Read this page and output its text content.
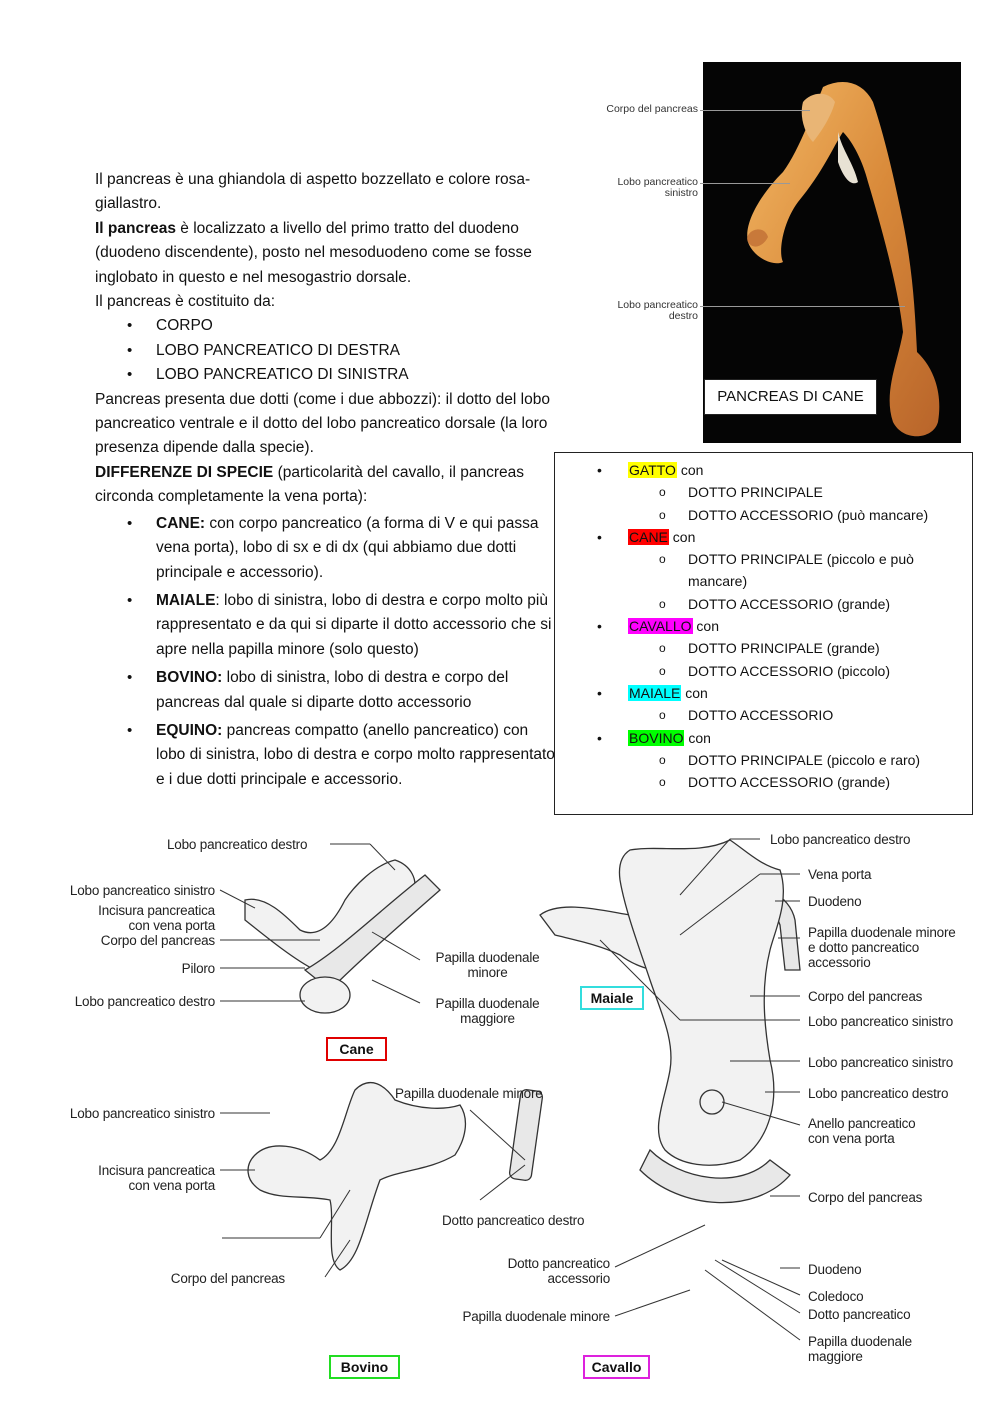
Il pancreas è una ghiandola di aspetto bozzellato e colore rosa-giallastro.

Il pancreas è localizzato a livello del primo tratto del duodeno (duodeno discendente), posto nel mesoduodeno come se fosse inglobato in questo e nel mesogastrio dorsale.

Il pancreas è costituito da:

• CORPO
• LOBO PANCREATICO DI DESTRA
• LOBO PANCREATICO DI SINISTRA

Pancreas presenta due dotti (come i due abbozzi): il dotto del lobo pancreatico ventrale e il dotto del lobo pancreatico dorsale (la loro presenza dipende dalla specie).

DIFFERENZE DI SPECIE (particolarità del cavallo, il pancreas circonda completamente la vena porta):

• CANE: con corpo pancreatico (a forma di V e qui passa vena porta), lobo di sx e di dx (qui abbiamo due dotti principale e accessorio).
• MAIALE: lobo di sinistra, lobo di destra e corpo molto più rappresentato e da qui si diparte il dotto accessorio che si apre nella papilla minore (solo questo)
• BOVINO: lobo di sinistra, lobo di destra e corpo del pancreas dal quale si diparte dotto accessorio
• EQUINO: pancreas compatto (anello pancreatico) con lobo di sinistra, lobo di destra e corpo molto rappresentato e i due dotti principale e accessorio.
Corpo del pancreas
Lobo pancreatico
sinistro
Lobo pancreatico
destro
PANCREAS DI CANE
• GATTO con
o DOTTO PRINCIPALE
o DOTTO ACCESSORIO (può mancare)
• CANE con
o DOTTO PRINCIPALE (piccolo e può mancare)
o DOTTO ACCESSORIO (grande)
• CAVALLO con
o DOTTO PRINCIPALE (grande)
o DOTTO ACCESSORIO (piccolo)
• MAIALE con
o DOTTO ACCESSORIO
• BOVINO con
o DOTTO PRINCIPALE (piccolo e raro)
o DOTTO ACCESSORIO (grande)
Lobo pancreatico destro
Lobo pancreatico sinistro
Incisura pancreatica
con vena porta
Corpo del pancreas
Piloro
Lobo pancreatico destro
Papilla duodenale
minore
Papilla duodenale
maggiore
Cane
Lobo pancreatico destro
Vena porta
Duodeno
Papilla duodenale minore
e dotto pancreatico
accessorio
Corpo del pancreas
Lobo pancreatico sinistro
Maiale
Lobo pancreatico sinistro
Papilla duodenale minore
Incisura pancreatica
con vena porta
Dotto pancreatico destro
Corpo del pancreas
Bovino
Lobo pancreatico sinistro
Lobo pancreatico destro
Anello pancreatico
con vena porta
Corpo del pancreas
Dotto pancreatico
accessorio
Papilla duodenale minore
Duodeno
Coledoco
Dotto pancreatico
Papilla duodenale
maggiore
Cavallo
